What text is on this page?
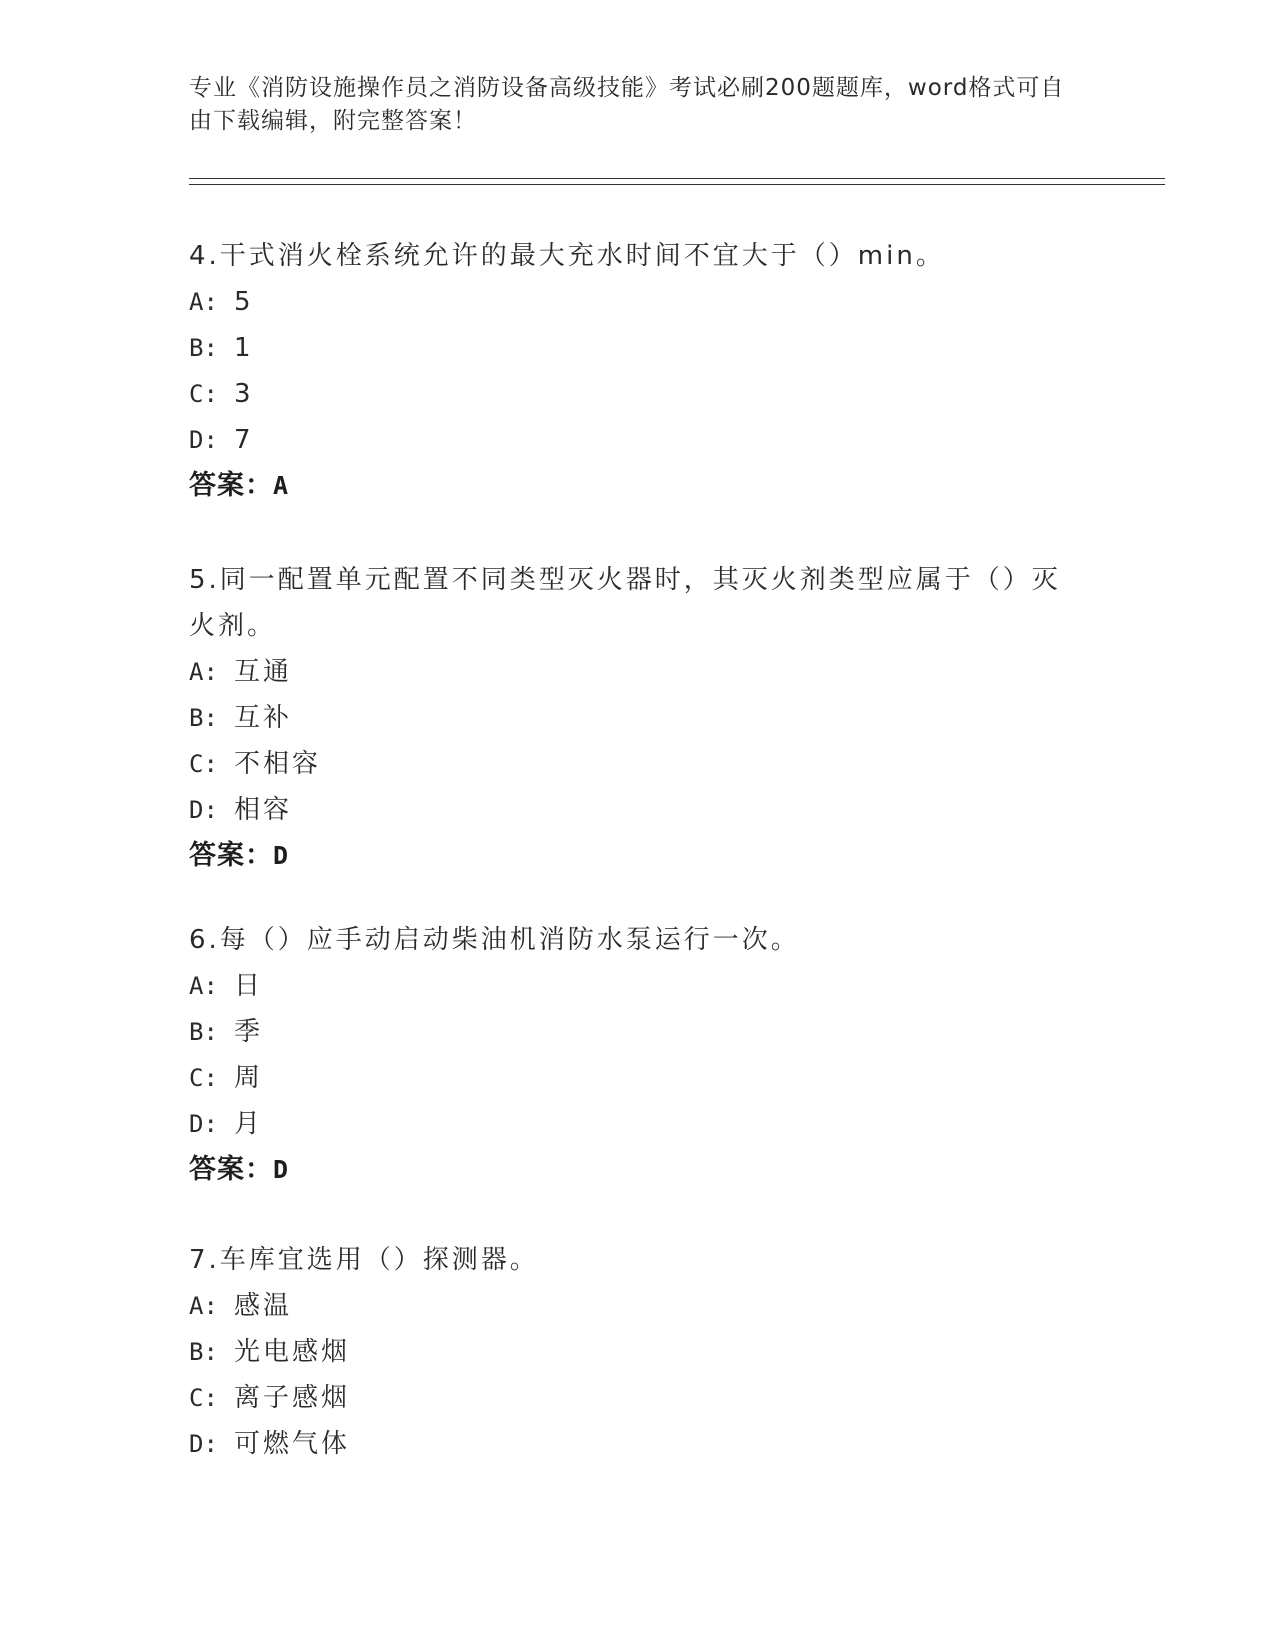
专业《消防设施操作员之消防设备高级技能》考试必刷200题题库，word格式可自由下载编辑，附完整答案！
4.干式消火栓系统允许的最大充水时间不宜大于（）min。
A: 5
B: 1
C: 3
D: 7
答案：A
5.同一配置单元配置不同类型灭火器时，其灭火剂类型应属于（）灭火剂。
A: 互通
B: 互补
C: 不相容
D: 相容
答案：D
6.每（）应手动启动柴油机消防水泵运行一次。
A: 日
B: 季
C: 周
D: 月
答案：D
7.车库宜选用（）探测器。
A: 感温
B: 光电感烟
C: 离子感烟
D: 可燃气体
